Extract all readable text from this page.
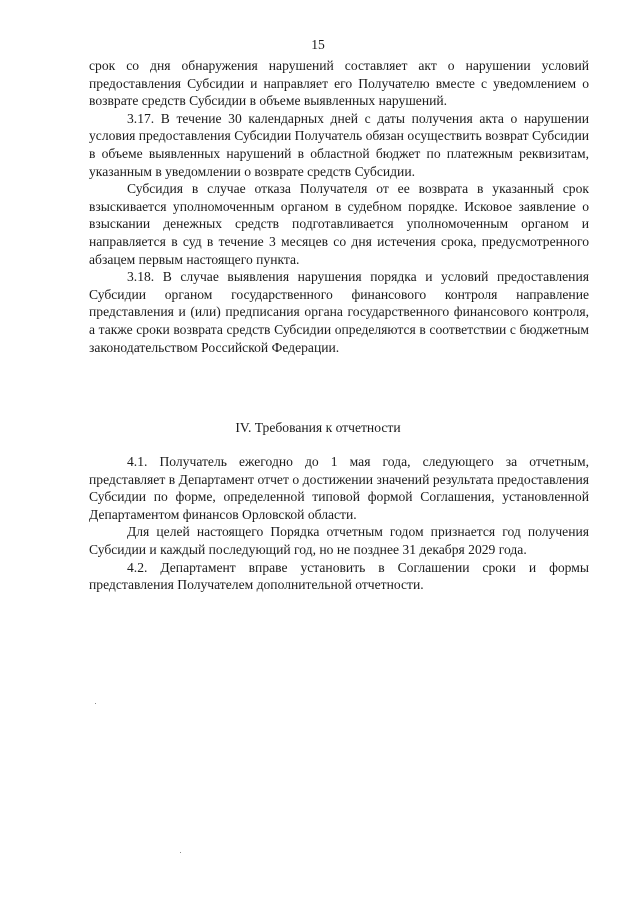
15

срок со дня обнаружения нарушений составляет акт о нарушении условий предоставления Субсидии и направляет его Получателю вместе с уведомлением о возврате средств Субсидии в объеме выявленных нарушений.

3.17. В течение 30 календарных дней с даты получения акта о нарушении условия предоставления Субсидии Получатель обязан осуществить возврат Субсидии в объеме выявленных нарушений в областной бюджет по платежным реквизитам, указанным в уведомлении о возврате средств Субсидии.

Субсидия в случае отказа Получателя от ее возврата в указанный срок взыскивается уполномоченным органом в судебном порядке. Исковое заявление о взыскании денежных средств подготавливается уполномоченным органом и направляется в суд в течение 3 месяцев со дня истечения срока, предусмотренного абзацем первым настоящего пункта.

3.18. В случае выявления нарушения порядка и условий предоставления Субсидии органом государственного финансового контроля направление представления и (или) предписания органа государственного финансового контроля, а также сроки возврата средств Субсидии определяются в соответствии с бюджетным законодательством Российской Федерации.

IV. Требования к отчетности

4.1. Получатель ежегодно до 1 мая года, следующего за отчетным, представляет в Департамент отчет о достижении значений результата предоставления Субсидии по форме, определенной типовой формой Соглашения, установленной Департаментом финансов Орловской области.

Для целей настоящего Порядка отчетным годом признается год получения Субсидии и каждый последующий год, но не позднее 31 декабря 2029 года.

4.2. Департамент вправе установить в Соглашении сроки и формы представления Получателем дополнительной отчетности.
